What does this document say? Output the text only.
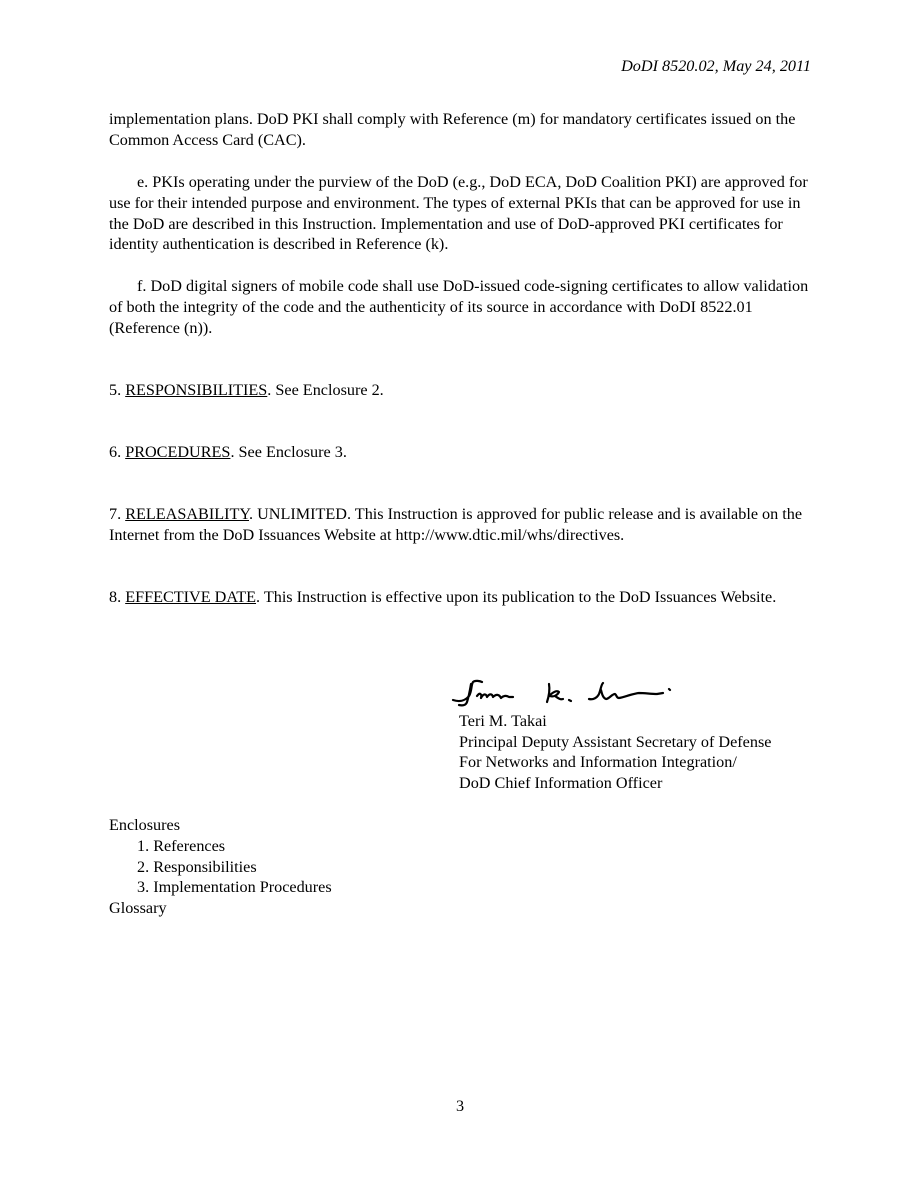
DoDI 8520.02, May 24, 2011

implementation plans. DoD PKI shall comply with Reference (m) for mandatory certificates issued on the Common Access Card (CAC).

e. PKIs operating under the purview of the DoD (e.g., DoD ECA, DoD Coalition PKI) are approved for use for their intended purpose and environment. The types of external PKIs that can be approved for use in the DoD are described in this Instruction. Implementation and use of DoD-approved PKI certificates for identity authentication is described in Reference (k).

f. DoD digital signers of mobile code shall use DoD-issued code-signing certificates to allow validation of both the integrity of the code and the authenticity of its source in accordance with DoDI 8522.01 (Reference (n)).

5. RESPONSIBILITIES. See Enclosure 2.

6. PROCEDURES. See Enclosure 3.

7. RELEASABILITY. UNLIMITED. This Instruction is approved for public release and is available on the Internet from the DoD Issuances Website at http://www.dtic.mil/whs/directives.

8. EFFECTIVE DATE. This Instruction is effective upon its publication to the DoD Issuances Website.

Teri M. Takai
Principal Deputy Assistant Secretary of Defense
For Networks and Information Integration/
DoD Chief Information Officer
Enclosures
1. References
2. Responsibilities
3. Implementation Procedures
Glossary
3
